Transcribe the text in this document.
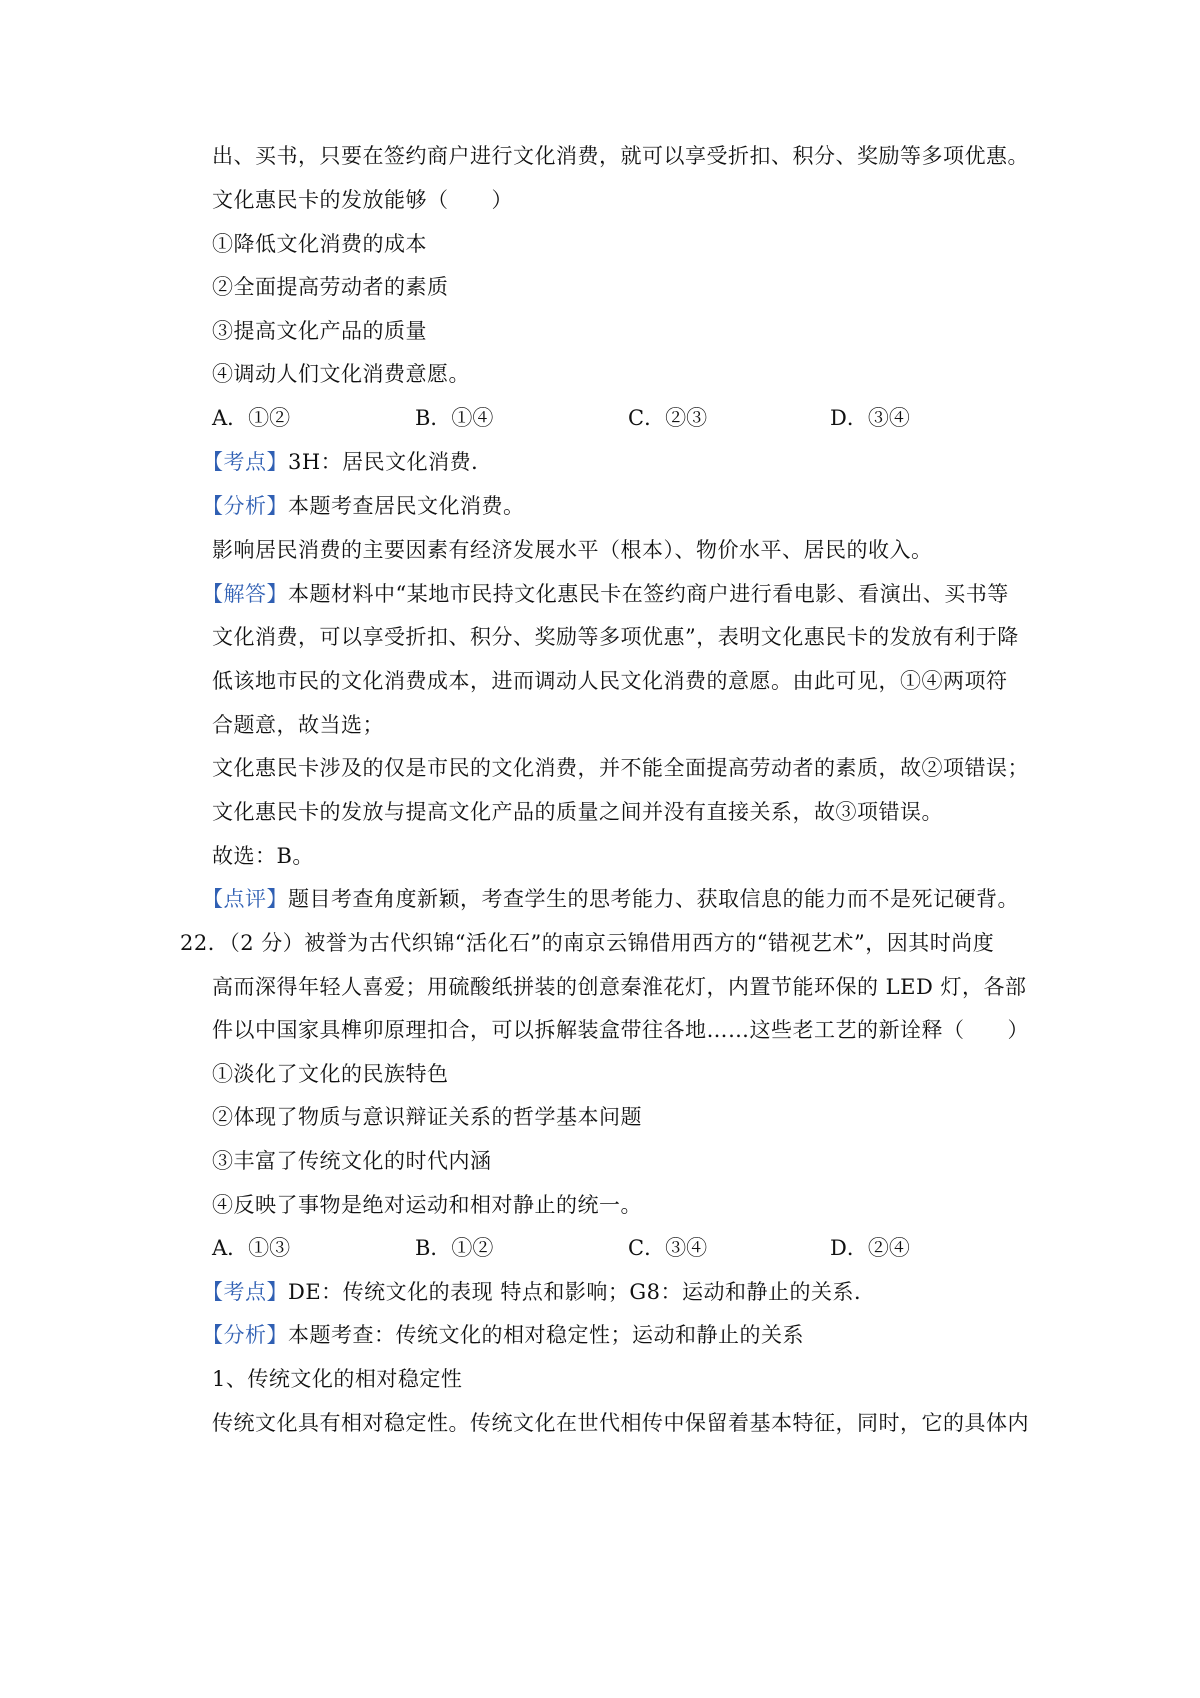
出、买书，只要在签约商户进行文化消费，就可以享受折扣、积分、奖励等多项优惠。
文化惠民卡的发放能够（　　）
①降低文化消费的成本
②全面提高劳动者的素质
③提高文化产品的质量
④调动人们文化消费意愿。
A．①②	B．①④	C．②③	D．③④
【考点】3H：居民文化消费．
【分析】本题考查居民文化消费。
影响居民消费的主要因素有经济发展水平（根本）、物价水平、居民的收入。
【解答】本题材料中“某地市民持文化惠民卡在签约商户进行看电影、看演出、买书等
文化消费，可以享受折扣、积分、奖励等多项优惠”，表明文化惠民卡的发放有利于降
低该地市民的文化消费成本，进而调动人民文化消费的意愿。由此可见，①④两项符
合题意，故当选；
文化惠民卡涉及的仅是市民的文化消费，并不能全面提高劳动者的素质，故②项错误；
文化惠民卡的发放与提高文化产品的质量之间并没有直接关系，故③项错误。
故选：B。
【点评】题目考查角度新颖，考查学生的思考能力、获取信息的能力而不是死记硬背。
22．（2 分）被誉为古代织锦“活化石”的南京云锦借用西方的“错视艺术”，因其时尚度
高而深得年轻人喜爱；用硫酸纸拼装的创意秦淮花灯，内置节能环保的 LED 灯，各部
件以中国家具榫卯原理扣合，可以拆解装盒带往各地……这些老工艺的新诠释（　　）
①淡化了文化的民族特色
②体现了物质与意识辩证关系的哲学基本问题
③丰富了传统文化的时代内涵
④反映了事物是绝对运动和相对静止的统一。
A．①③	B．①②	C．③④	D．②④
【考点】DE：传统文化的表现 特点和影响；G8：运动和静止的关系．
【分析】本题考查：传统文化的相对稳定性；运动和静止的关系
1、传统文化的相对稳定性
传统文化具有相对稳定性。传统文化在世代相传中保留着基本特征，同时，它的具体内
